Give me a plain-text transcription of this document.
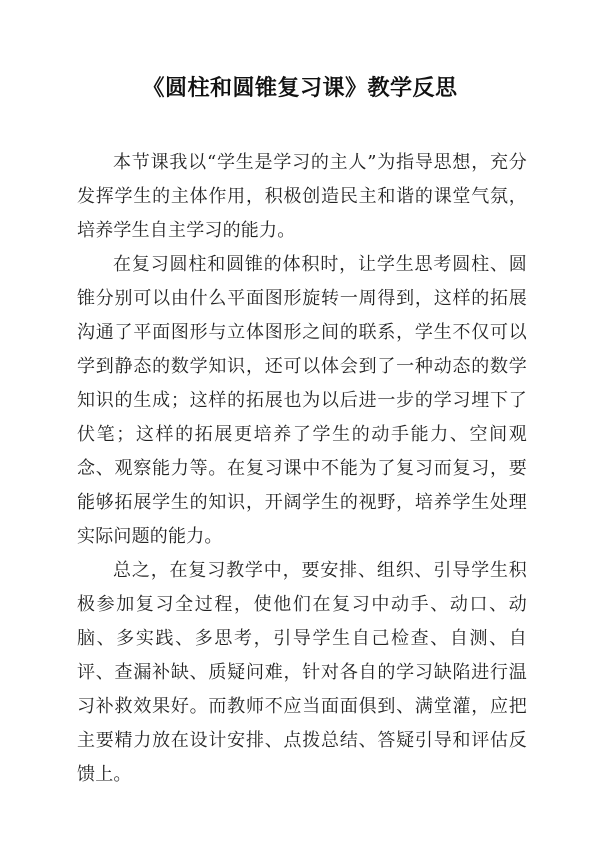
《圆柱和圆锥复习课》教学反思

本节课我以“学生是学习的主人”为指导思想，充分发挥学生的主体作用，积极创造民主和谐的课堂气氛，培养学生自主学习的能力。

在复习圆柱和圆锥的体积时，让学生思考圆柱、圆锥分别可以由什么平面图形旋转一周得到，这样的拓展沟通了平面图形与立体图形之间的联系，学生不仅可以学到静态的数学知识，还可以体会到了一种动态的数学知识的生成；这样的拓展也为以后进一步的学习埋下了伏笔；这样的拓展更培养了学生的动手能力、空间观念、观察能力等。在复习课中不能为了复习而复习，要能够拓展学生的知识，开阔学生的视野，培养学生处理实际问题的能力。

总之，在复习教学中，要安排、组织、引导学生积极参加复习全过程，使他们在复习中动手、动口、动脑、多实践、多思考，引导学生自己检查、自测、自评、查漏补缺、质疑问难，针对各自的学习缺陷进行温习补救效果好。而教师不应当面面俱到、满堂灌，应把主要精力放在设计安排、点拨总结、答疑引导和评估反馈上。
